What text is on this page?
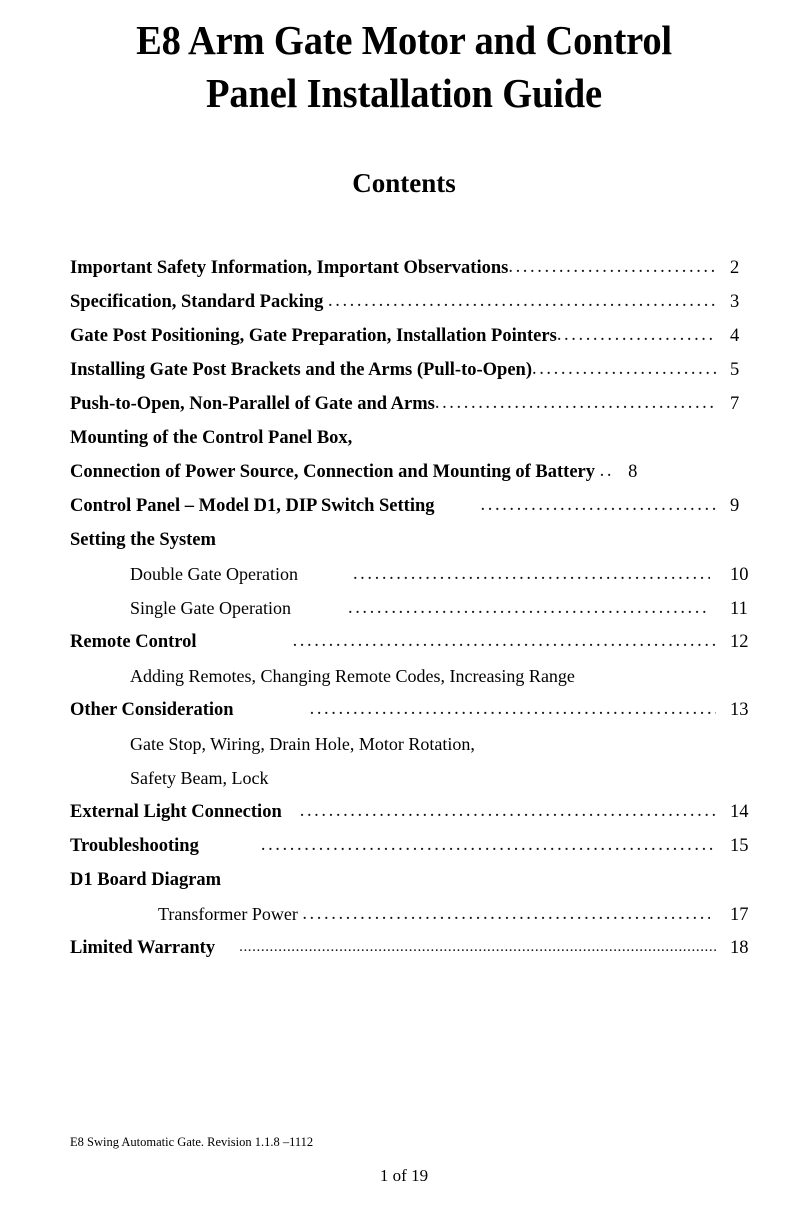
E8 Arm Gate Motor and Control Panel Installation Guide
Contents
Important Safety Information, Important Observations .....	2
Specification, Standard Packing .....	3
Gate Post Positioning, Gate Preparation, Installation Pointers .....	4
Installing Gate Post Brackets and the Arms (Pull-to-Open) .....	5
Push-to-Open, Non-Parallel of Gate and Arms .....	7
Mounting of the Control Panel Box,
Connection of Power Source, Connection and Mounting of Battery ..	8
Control Panel – Model D1, DIP Switch Setting .....	9
Setting the System
Double Gate Operation .....	10
Single Gate Operation .....	11
Remote Control .....	12
Adding Remotes, Changing Remote Codes, Increasing Range
Other Consideration .....	13
Gate Stop, Wiring, Drain Hole, Motor Rotation,
Safety Beam, Lock
External Light Connection .....	14
Troubleshooting .....	15
D1 Board Diagram
Transformer Power .....	17
Limited Warranty .....	18
E8 Swing Automatic Gate. Revision 1.1.8 –1112
1 of 19
